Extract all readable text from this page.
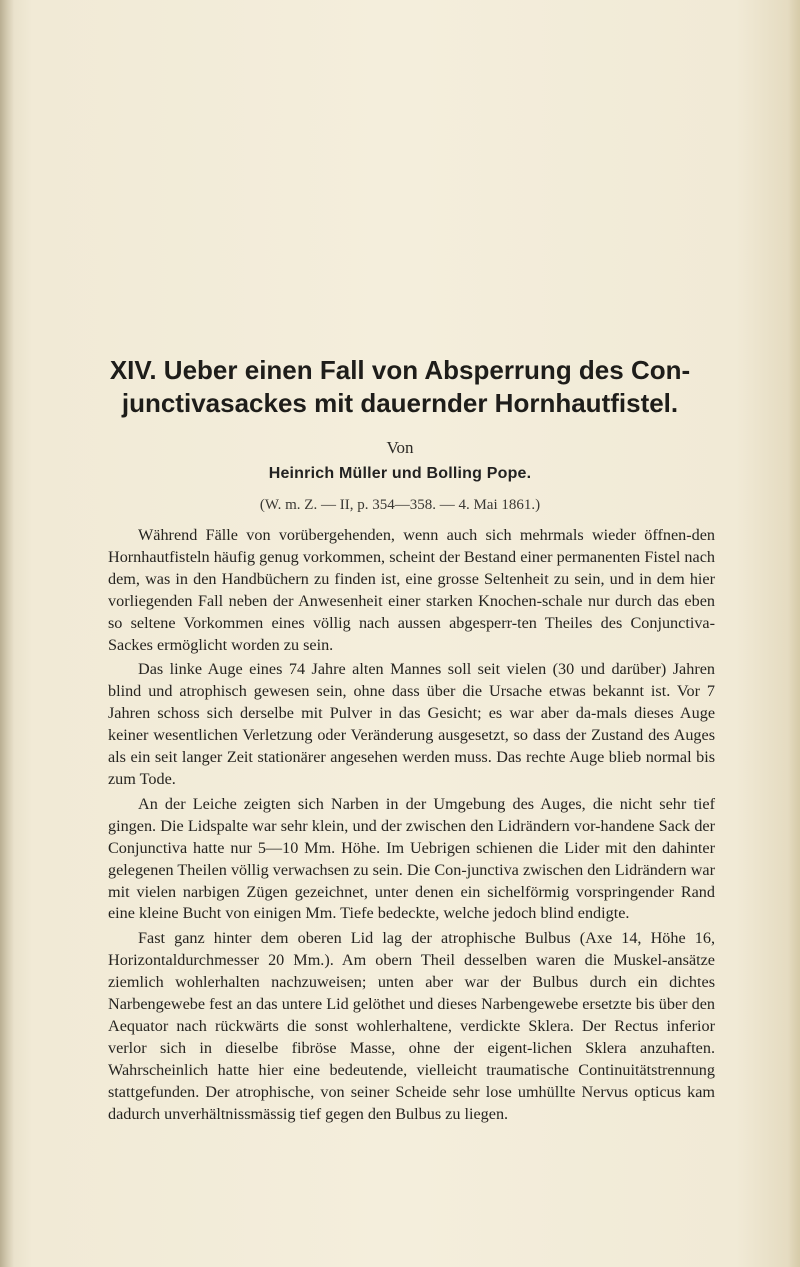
XIV. Ueber einen Fall von Absperrung des Con-
junctivasackes mit dauernder Hornhautfistel.
Von
Heinrich Müller und Bolling Pope.
(W. m. Z. — II, p. 354—358. — 4. Mai 1861.)

Während Fälle von vorübergehenden, wenn auch sich mehrmals wieder öffnen-den Hornhautfisteln häufig genug vorkommen, scheint der Bestand einer permanenten Fistel nach dem, was in den Handbüchern zu finden ist, eine grosse Seltenheit zu sein, und in dem hier vorliegenden Fall neben der Anwesenheit einer starken Knochen-schale nur durch das eben so seltene Vorkommen eines völlig nach aussen abgesperr-ten Theiles des Conjunctiva-Sackes ermöglicht worden zu sein.

Das linke Auge eines 74 Jahre alten Mannes soll seit vielen (30 und darüber) Jahren blind und atrophisch gewesen sein, ohne dass über die Ursache etwas bekannt ist. Vor 7 Jahren schoss sich derselbe mit Pulver in das Gesicht; es war aber da-mals dieses Auge keiner wesentlichen Verletzung oder Veränderung ausgesetzt, so dass der Zustand des Auges als ein seit langer Zeit stationärer angesehen werden muss. Das rechte Auge blieb normal bis zum Tode.

An der Leiche zeigten sich Narben in der Umgebung des Auges, die nicht sehr tief gingen. Die Lidspalte war sehr klein, und der zwischen den Lidrändern vor-handene Sack der Conjunctiva hatte nur 5—10 Mm. Höhe. Im Uebrigen schienen die Lider mit den dahinter gelegenen Theilen völlig verwachsen zu sein. Die Con-junctiva zwischen den Lidrändern war mit vielen narbigen Zügen gezeichnet, unter denen ein sichelförmig vorspringender Rand eine kleine Bucht von einigen Mm. Tiefe bedeckte, welche jedoch blind endigte.

Fast ganz hinter dem oberen Lid lag der atrophische Bulbus (Axe 14, Höhe 16, Horizontaldurchmesser 20 Mm.). Am obern Theil desselben waren die Muskel-ansätze ziemlich wohlerhalten nachzuweisen; unten aber war der Bulbus durch ein dichtes Narbengewebe fest an das untere Lid gelöthet und dieses Narbengewebe ersetzte bis über den Aequator nach rückwärts die sonst wohlerhaltene, verdickte Sklera. Der Rectus inferior verlor sich in dieselbe fibröse Masse, ohne der eigent-lichen Sklera anzuhaften. Wahrscheinlich hatte hier eine bedeutende, vielleicht traumatische Continuitätstrennung stattgefunden. Der atrophische, von seiner Scheide sehr lose umhüllte Nervus opticus kam dadurch unverhältnissmässig tief gegen den Bulbus zu liegen.
